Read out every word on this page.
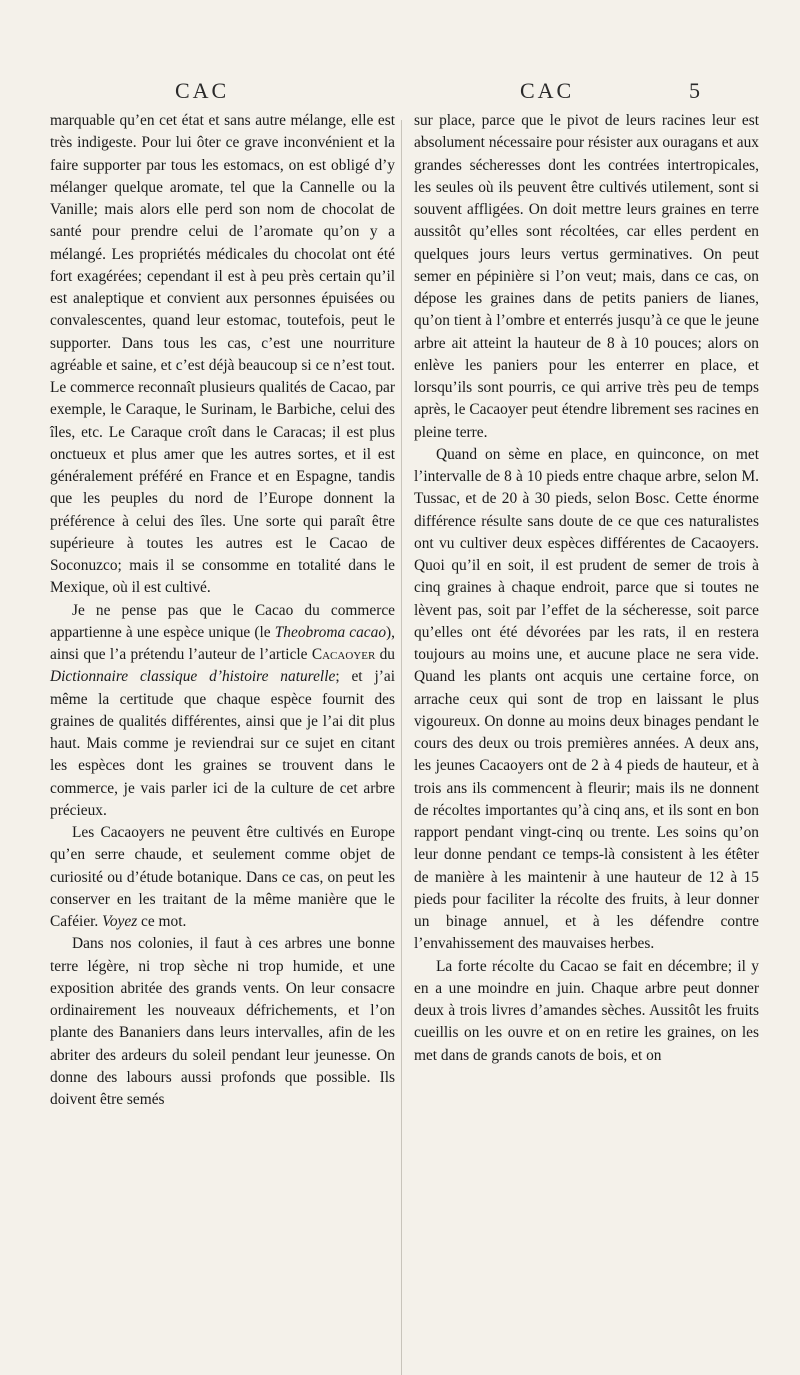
CAC	CAC	5

marquable qu’en cet état et sans autre mélange, elle est très indigeste. Pour lui ôter ce grave inconvénient et la faire supporter par tous les estomacs, on est obligé d’y mélanger quelque aromate, tel que la Cannelle ou la Vanille; mais alors elle perd son nom de chocolat de santé pour prendre celui de l’aromate qu’on y a mélangé. Les propriétés médicales du chocolat ont été fort exagérées; cependant il est à peu près certain qu’il est analeptique et convient aux personnes épuisées ou convalescentes, quand leur estomac, toutefois, peut le supporter. Dans tous les cas, c’est une nourriture agréable et saine, et c’est déjà beaucoup si ce n’est tout. Le commerce reconnaît plusieurs qualités de Cacao, par exemple, le Caraque, le Surinam, le Barbiche, celui des îles, etc. Le Caraque croît dans le Caracas; il est plus onctueux et plus amer que les autres sortes, et il est généralement préféré en France et en Espagne, tandis que les peuples du nord de l’Europe donnent la préférence à celui des îles. Une sorte qui paraît être supérieure à toutes les autres est le Cacao de Soconuzco; mais il se consomme en totalité dans le Mexique, où il est cultivé.

Je ne pense pas que le Cacao du commerce appartienne à une espèce unique (le Theobroma cacao), ainsi que l’a prétendu l’auteur de l’article Cacaoyer du Dictionnaire classique d’histoire naturelle; et j’ai même la certitude que chaque espèce fournit des graines de qualités différentes, ainsi que je l’ai dit plus haut. Mais comme je reviendrai sur ce sujet en citant les espèces dont les graines se trouvent dans le commerce, je vais parler ici de la culture de cet arbre précieux.

Les Cacaoyers ne peuvent être cultivés en Europe qu’en serre chaude, et seulement comme objet de curiosité ou d’étude botanique. Dans ce cas, on peut les conserver en les traitant de la même manière que le Caféier. Voyez ce mot.

Dans nos colonies, il faut à ces arbres une bonne terre légère, ni trop sèche ni trop humide, et une exposition abritée des grands vents. On leur consacre ordinairement les nouveaux défrichements, et l’on plante des Bananiers dans leurs intervalles, afin de les abriter des ardeurs du soleil pendant leur jeunesse. On donne des labours aussi profonds que possible. Ils doivent être semés

sur place, parce que le pivot de leurs racines leur est absolument nécessaire pour résister aux ouragans et aux grandes sécheresses dont les contrées intertropicales, les seules où ils peuvent être cultivés utilement, sont si souvent affligées. On doit mettre leurs graines en terre aussitôt qu’elles sont récoltées, car elles perdent en quelques jours leurs vertus germinatives. On peut semer en pépinière si l’on veut; mais, dans ce cas, on dépose les graines dans de petits paniers de lianes, qu’on tient à l’ombre et enterrés jusqu’à ce que le jeune arbre ait atteint la hauteur de 8 à 10 pouces; alors on enlève les paniers pour les enterrer en place, et lorsqu’ils sont pourris, ce qui arrive très peu de temps après, le Cacaoyer peut étendre librement ses racines en pleine terre.

Quand on sème en place, en quinconce, on met l’intervalle de 8 à 10 pieds entre chaque arbre, selon M. Tussac, et de 20 à 30 pieds, selon Bosc. Cette énorme différence résulte sans doute de ce que ces naturalistes ont vu cultiver deux espèces différentes de Cacaoyers. Quoi qu’il en soit, il est prudent de semer de trois à cinq graines à chaque endroit, parce que si toutes ne lèvent pas, soit par l’effet de la sécheresse, soit parce qu’elles ont été dévorées par les rats, il en restera toujours au moins une, et aucune place ne sera vide. Quand les plants ont acquis une certaine force, on arrache ceux qui sont de trop en laissant le plus vigoureux. On donne au moins deux binages pendant le cours des deux ou trois premières années. A deux ans, les jeunes Cacaoyers ont de 2 à 4 pieds de hauteur, et à trois ans ils commencent à fleurir; mais ils ne donnent de récoltes importantes qu’à cinq ans, et ils sont en bon rapport pendant vingt-cinq ou trente. Les soins qu’on leur donne pendant ce temps-là consistent à les étêter de manière à les maintenir à une hauteur de 12 à 15 pieds pour faciliter la récolte des fruits, à leur donner un binage annuel, et à les défendre contre l’envahissement des mauvaises herbes.

La forte récolte du Cacao se fait en décembre; il y en a une moindre en juin. Chaque arbre peut donner deux à trois livres d’amandes sèches. Aussitôt les fruits cueillis on les ouvre et on en retire les graines, on les met dans de grands canots de bois, et on
